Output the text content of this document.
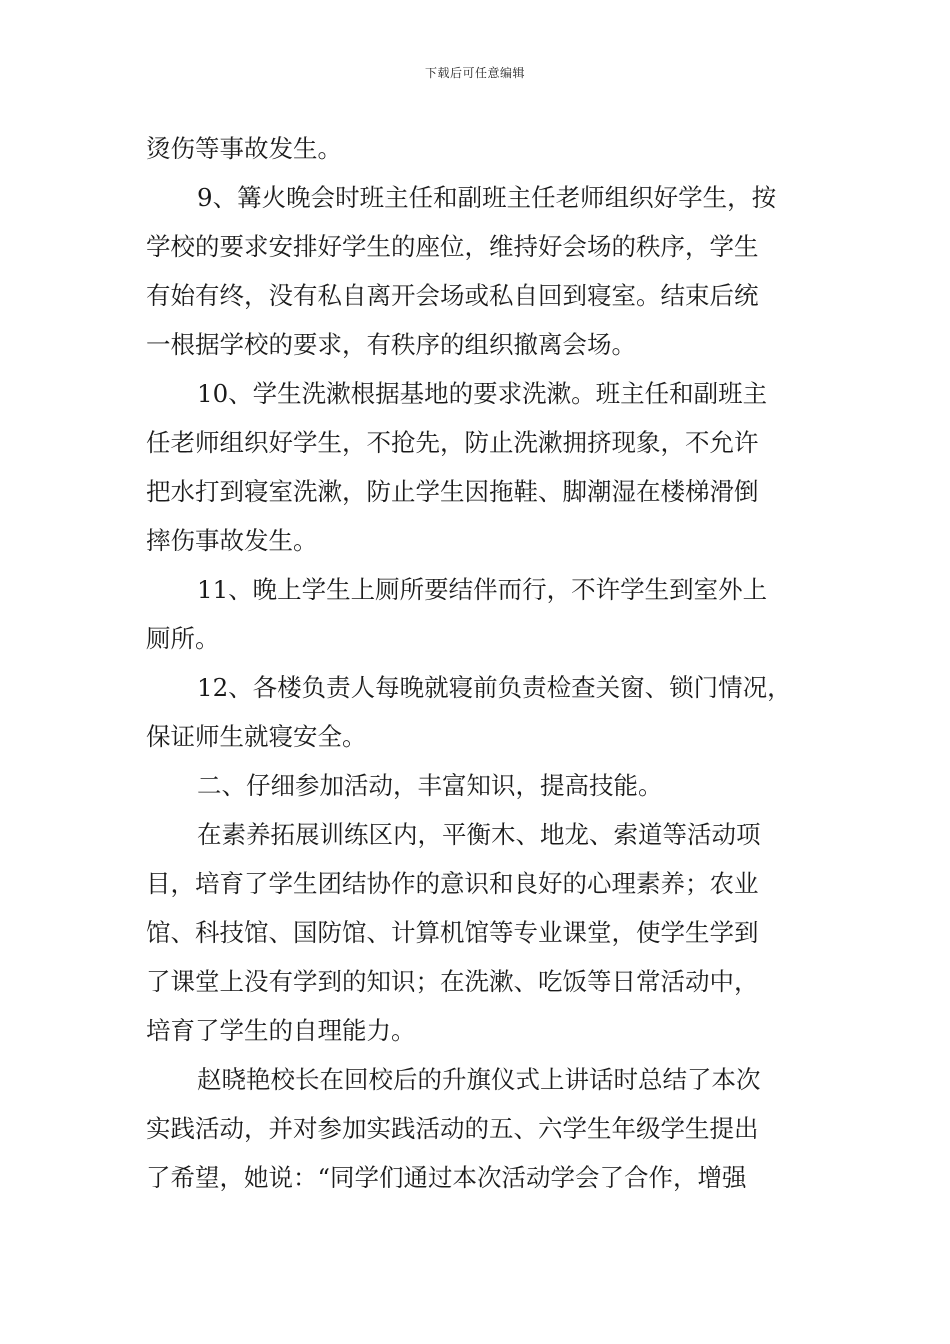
下载后可任意编辑
烫伤等事故发生。
9、篝火晚会时班主任和副班主任老师组织好学生，按
学校的要求安排好学生的座位，维持好会场的秩序，学生
有始有终，没有私自离开会场或私自回到寝室。结束后统
一根据学校的要求，有秩序的组织撤离会场。
10、学生洗漱根据基地的要求洗漱。班主任和副班主
任老师组织好学生，不抢先，防止洗漱拥挤现象，不允许
把水打到寝室洗漱，防止学生因拖鞋、脚潮湿在楼梯滑倒
摔伤事故发生。
11、晚上学生上厕所要结伴而行，不许学生到室外上
厕所。
12、各楼负责人每晚就寝前负责检查关窗、锁门情况，
保证师生就寝安全。
二、仔细参加活动，丰富知识，提高技能。
在素养拓展训练区内，平衡木、地龙、索道等活动项
目，培育了学生团结协作的意识和良好的心理素养；农业
馆、科技馆、国防馆、计算机馆等专业课堂，使学生学到
了课堂上没有学到的知识；在洗漱、吃饭等日常活动中，
培育了学生的自理能力。
赵晓艳校长在回校后的升旗仪式上讲话时总结了本次
实践活动，并对参加实践活动的五、六学生年级学生提出
了希望，她说：“同学们通过本次活动学会了合作，增强
